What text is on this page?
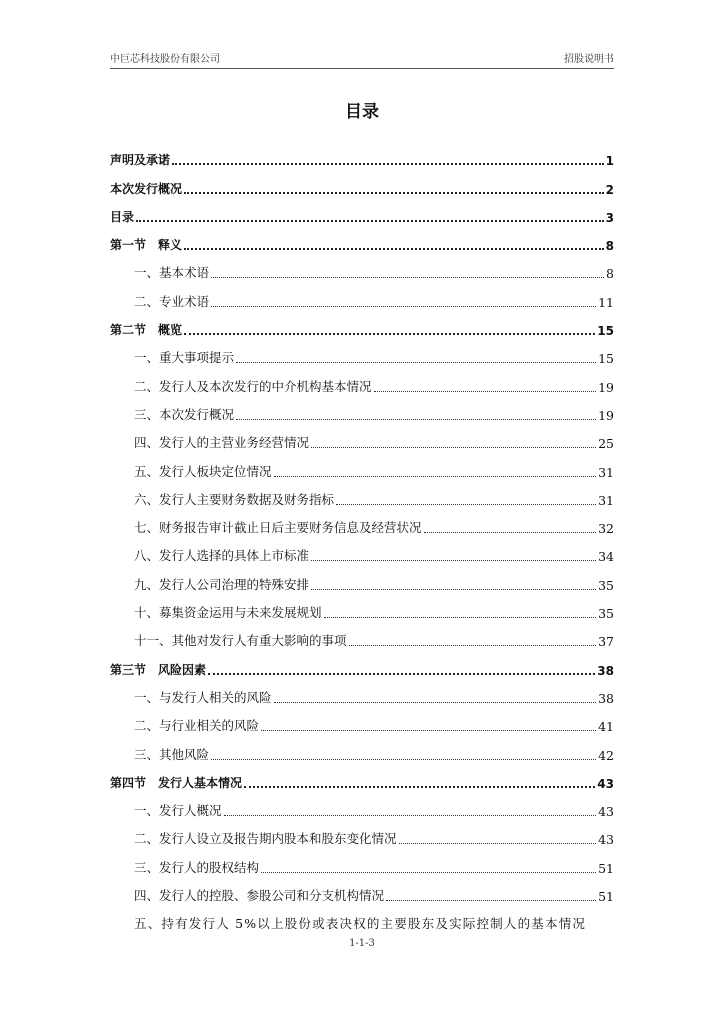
中巨芯科技股份有限公司	招股说明书
目录
声明及承诺	1
本次发行概况	2
目录	3
第一节　释义	8
一、基本术语	8
二、专业术语	11
第二节　概览	15
一、重大事项提示	15
二、发行人及本次发行的中介机构基本情况	19
三、本次发行概况	19
四、发行人的主营业务经营情况	25
五、发行人板块定位情况	31
六、发行人主要财务数据及财务指标	31
七、财务报告审计截止日后主要财务信息及经营状况	32
八、发行人选择的具体上市标准	34
九、发行人公司治理的特殊安排	35
十、募集资金运用与未来发展规划	35
十一、其他对发行人有重大影响的事项	37
第三节　风险因素	38
一、与发行人相关的风险	38
二、与行业相关的风险	41
三、其他风险	42
第四节　发行人基本情况	43
一、发行人概况	43
二、发行人设立及报告期内股本和股东变化情况	43
三、发行人的股权结构	51
四、发行人的控股、参股公司和分支机构情况	51
五、持有发行人 5%以上股份或表决权的主要股东及实际控制人的基本情况
1-1-3
